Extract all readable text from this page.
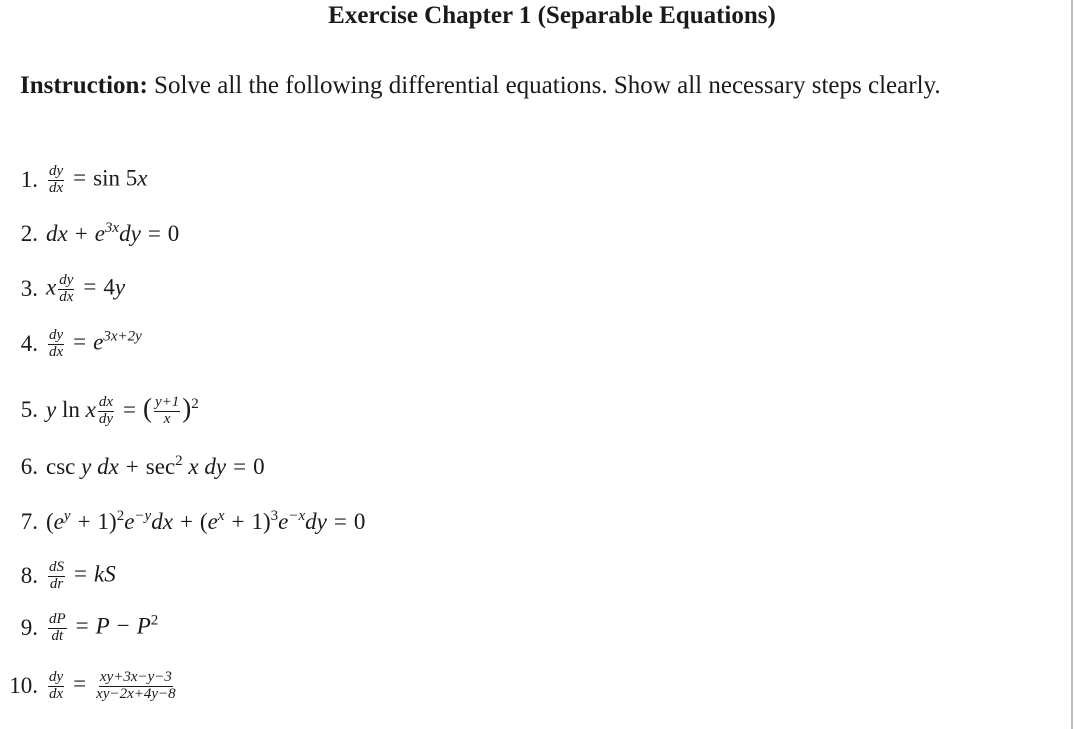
Exercise Chapter 1 (Separable Equations)
Instruction: Solve all the following differential equations. Show all necessary steps clearly.
1. $\frac{dy}{dx} = \sin 5x$
2. dx + $e^{3x}dy = 0$
3. x $\frac{dy}{dx} = 4y$
4. $\frac{dy}{dx} = e^{3x+2y}$
5. y ln x $\frac{dx}{dy}$ = ( $\frac{y+1}{x} )^2$
6. csc y dx + $\sec^2 x$ dy = 0
7. $(e^y + 1)^2e^{-y}dx + (e^x + 1)^3e^{-x}dy = 0$
8. $\frac{dS}{dr}$ = kS
9. $\frac{dP}{dt} = P - P^2$
10. $\frac{dy}{dx} = \frac{xy+3x-y-3}{xy-2x+4y-8}$
